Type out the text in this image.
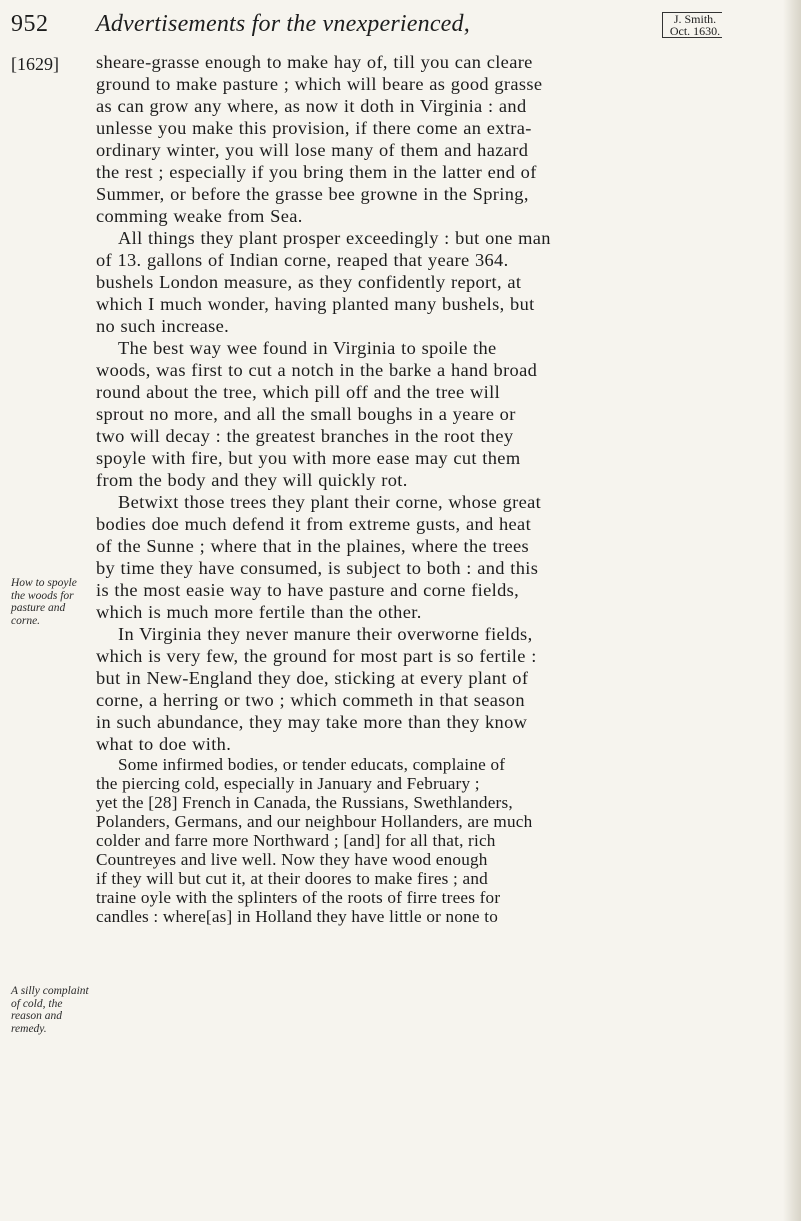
952 Advertisements for the vnexperienced,	J. Smith.
Oct. 1630.
[1629]
How to spoyle the woods for pasture and corne.
A silly complaint of cold, the reason and remedy.
sheare-grasse enough to make hay of, till you can cleare
ground to make pasture ; which will beare as good grasse
as can grow any where, as now it doth in Virginia : and
unlesse you make this provision, if there come an extra-
ordinary winter, you will lose many of them and hazard
the rest ; especially if you bring them in the latter end of
Summer, or before the grasse bee growne in the Spring,
comming weake from Sea.
All things they plant prosper exceedingly : but one man
of 13. gallons of Indian corne, reaped that yeare 364.
bushels London measure, as they confidently report, at
which I much wonder, having planted many bushels, but
no such increase.
The best way wee found in Virginia to spoile the
woods, was first to cut a notch in the barke a hand broad
round about the tree, which pill off and the tree will
sprout no more, and all the small boughs in a yeare or
two will decay : the greatest branches in the root they
spoyle with fire, but you with more ease may cut them
from the body and they will quickly rot.
Betwixt those trees they plant their corne, whose great
bodies doe much defend it from extreme gusts, and heat
of the Sunne ; where that in the plaines, where the trees
by time they have consumed, is subject to both : and this
is the most easie way to have pasture and corne fields,
which is much more fertile than the other.
In Virginia they never manure their overworne fields,
which is very few, the ground for most part is so fertile :
but in New-England they doe, sticking at every plant of
corne, a herring or two ; which commeth in that season
in such abundance, they may take more than they know
what to doe with.
Some infirmed bodies, or tender educats, complaine of
the piercing cold, especially in January and February ;
yet the [28] French in Canada, the Russians, Swethlanders,
Polanders, Germans, and our neighbour Hollanders, are much
colder and farre more Northward ; [and] for all that, rich
Countreyes and live well. Now they have wood enough
if they will but cut it, at their doores to make fires ; and
traine oyle with the splinters of the roots of firre trees for
candles : where[as] in Holland they have little or none to
